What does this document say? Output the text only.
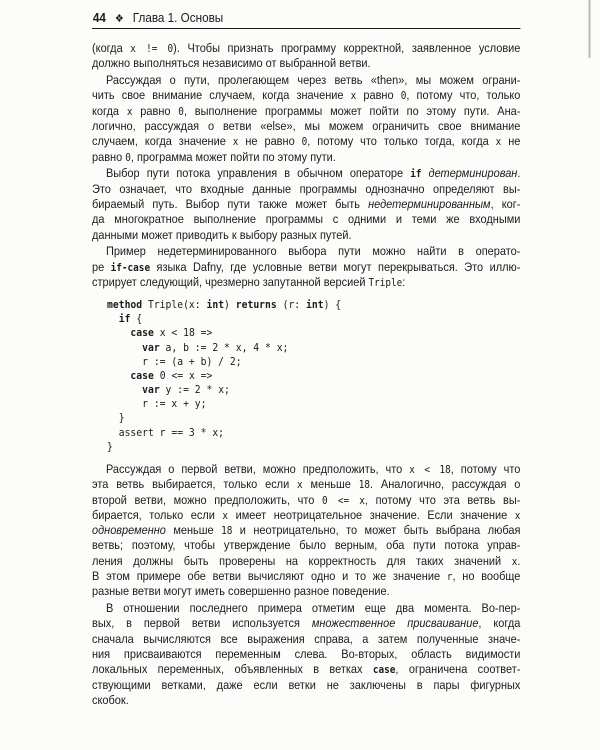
44 ❖ Глава 1. Основы
(когда x != 0). Чтобы признать программу корректной, заявленное условие
должно выполняться независимо от выбранной ветви.
Рассуждая о пути, пролегающем через ветвь «then», мы можем ограни-
чить свое внимание случаем, когда значение x равно 0, потому что, только
когда x равно 0, выполнение программы может пойти по этому пути. Ана-
логично, рассуждая о ветви «else», мы можем ограничить свое внимание
случаем, когда значение x не равно 0, потому что только тогда, когда x не
равно 0, программа может пойти по этому пути.
Выбор пути потока управления в обычном операторе if детерминирован.
Это означает, что входные данные программы однозначно определяют вы-
бираемый путь. Выбор пути также может быть недетерминированным, ког-
да многократное выполнение программы с одними и теми же входными
данными может приводить к выбору разных путей.
Пример недетерминированного выбора пути можно найти в операто-
ре if-case языка Dafny, где условные ветви могут перекрываться. Это иллю-
стрирует следующий, чрезмерно запутанной версией Triple:
method Triple(x: int) returns (r: int) {
if {
case x < 18 =>
var a, b := 2 * x, 4 * x;
r := (a + b) / 2;
case 0 <= x =>
var y := 2 * x;
r := x + y;
}
assert r == 3 * x;
}
Рассуждая о первой ветви, можно предположить, что x < 18, потому что
эта ветвь выбирается, только если x меньше 18. Аналогично, рассуждая о
второй ветви, можно предположить, что 0 <= x, потому что эта ветвь вы-
бирается, только если x имеет неотрицательное значение. Если значение x
одновременно меньше 18 и неотрицательно, то может быть выбрана любая
ветвь; поэтому, чтобы утверждение было верным, оба пути потока управ-
ления должны быть проверены на корректность для таких значений x.
В этом примере обе ветви вычисляют одно и то же значение r, но вообще
разные ветви могут иметь совершенно разное поведение.
В отношении последнего примера отметим еще два момента. Во-пер-
вых, в первой ветви используется множественное присваивание, когда
сначала вычисляются все выражения справа, а затем полученные значе-
ния присваиваются переменным слева. Во-вторых, область видимости
локальных переменных, объявленных в ветках case, ограничена соответ-
ствующими ветками, даже если ветки не заключены в пары фигурных
скобок.
